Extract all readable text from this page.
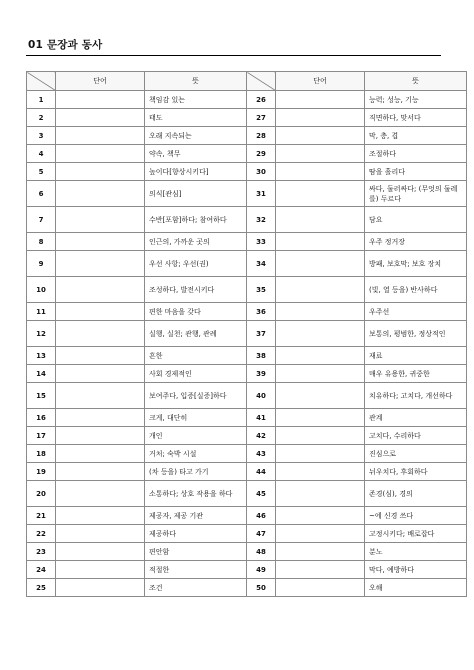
01 문장과 동사
	단어	뜻		단어	뜻
1		책임감 있는	26		능력; 성능, 기능
2		태도	27		직면하다, 맞서다
3		오래 지속되는	28		막, 층, 겹
4		약속, 책무	29		조절하다
5		높이다[향상시키다]	30		땀을 흘리다
6		의식[관심]	31		싸다, 둘러싸다; (무엇의 둘레를) 두르다
7		수반[포함]하다; 참여하다	32		담요
8		인근의, 가까운 곳의	33		우주 정거장
9		우선 사항; 우선(권)	34		방패, 보호막; 보호 장치
10		조성하다, 발전시키다	35		(빛, 열 등을) 반사하다
11		편한 마음을 갖다	36		우주선
12		실행, 실천; 관행, 관례	37		보통의, 평범한, 정상적인
13		흔한	38		재료
14		사회 경제적인	39		매우 유용한, 귀중한
15		보여주다, 입증[실증]하다	40		치유하다; 고치다, 개선하다
16		크게, 대단히	41		관계
17		개인	42		고치다, 수리하다
18		거처; 숙박 시설	43		진심으로
19		(차 등을) 타고 가기	44		뉘우치다, 후회하다
20		소통하다; 상호 작용을 하다	45		존경(심), 경의
21		제공자, 제공 기관	46		~에 신경 쓰다
22		제공하다	47		고정시키다; 배로잡다
23		편안함	48		분노
24		적절한	49		막다, 예방하다
25		조건	50		오해
